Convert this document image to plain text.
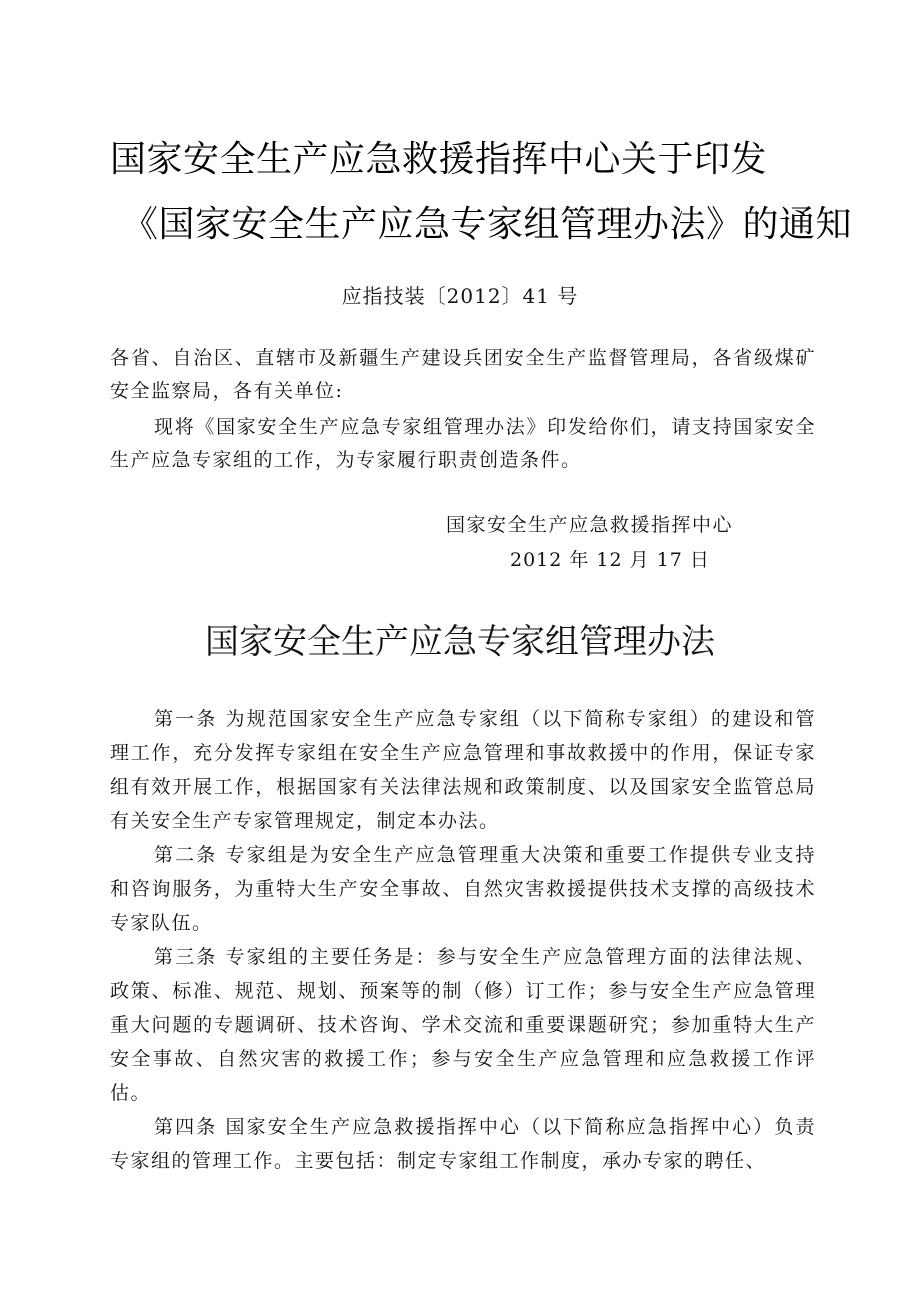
国家安全生产应急救援指挥中心关于印发
《国家安全生产应急专家组管理办法》的通知
应指技装〔2012〕41 号

各省、自治区、直辖市及新疆生产建设兵团安全生产监督管理局，各省级煤矿安全监察局，各有关单位:

现将《国家安全生产应急专家组管理办法》印发给你们，请支持国家安全生产应急专家组的工作，为专家履行职责创造条件。

国家安全生产应急救援指挥中心
2012 年 12 月 17 日
国家安全生产应急专家组管理办法

第一条 为规范国家安全生产应急专家组（以下简称专家组）的建设和管理工作，充分发挥专家组在安全生产应急管理和事故救援中的作用，保证专家组有效开展工作，根据国家有关法律法规和政策制度、以及国家安全监管总局有关安全生产专家管理规定，制定本办法。

第二条 专家组是为安全生产应急管理重大决策和重要工作提供专业支持和咨询服务，为重特大生产安全事故、自然灾害救援提供技术支撑的高级技术专家队伍。

第三条 专家组的主要任务是：参与安全生产应急管理方面的法律法规、政策、标准、规范、规划、预案等的制（修）订工作；参与安全生产应急管理重大问题的专题调研、技术咨询、学术交流和重要课题研究；参加重特大生产安全事故、自然灾害的救援工作；参与安全生产应急管理和应急救援工作评估。

第四条 国家安全生产应急救援指挥中心（以下简称应急指挥中心）负责专家组的管理工作。主要包括：制定专家组工作制度，承办专家的聘任、
